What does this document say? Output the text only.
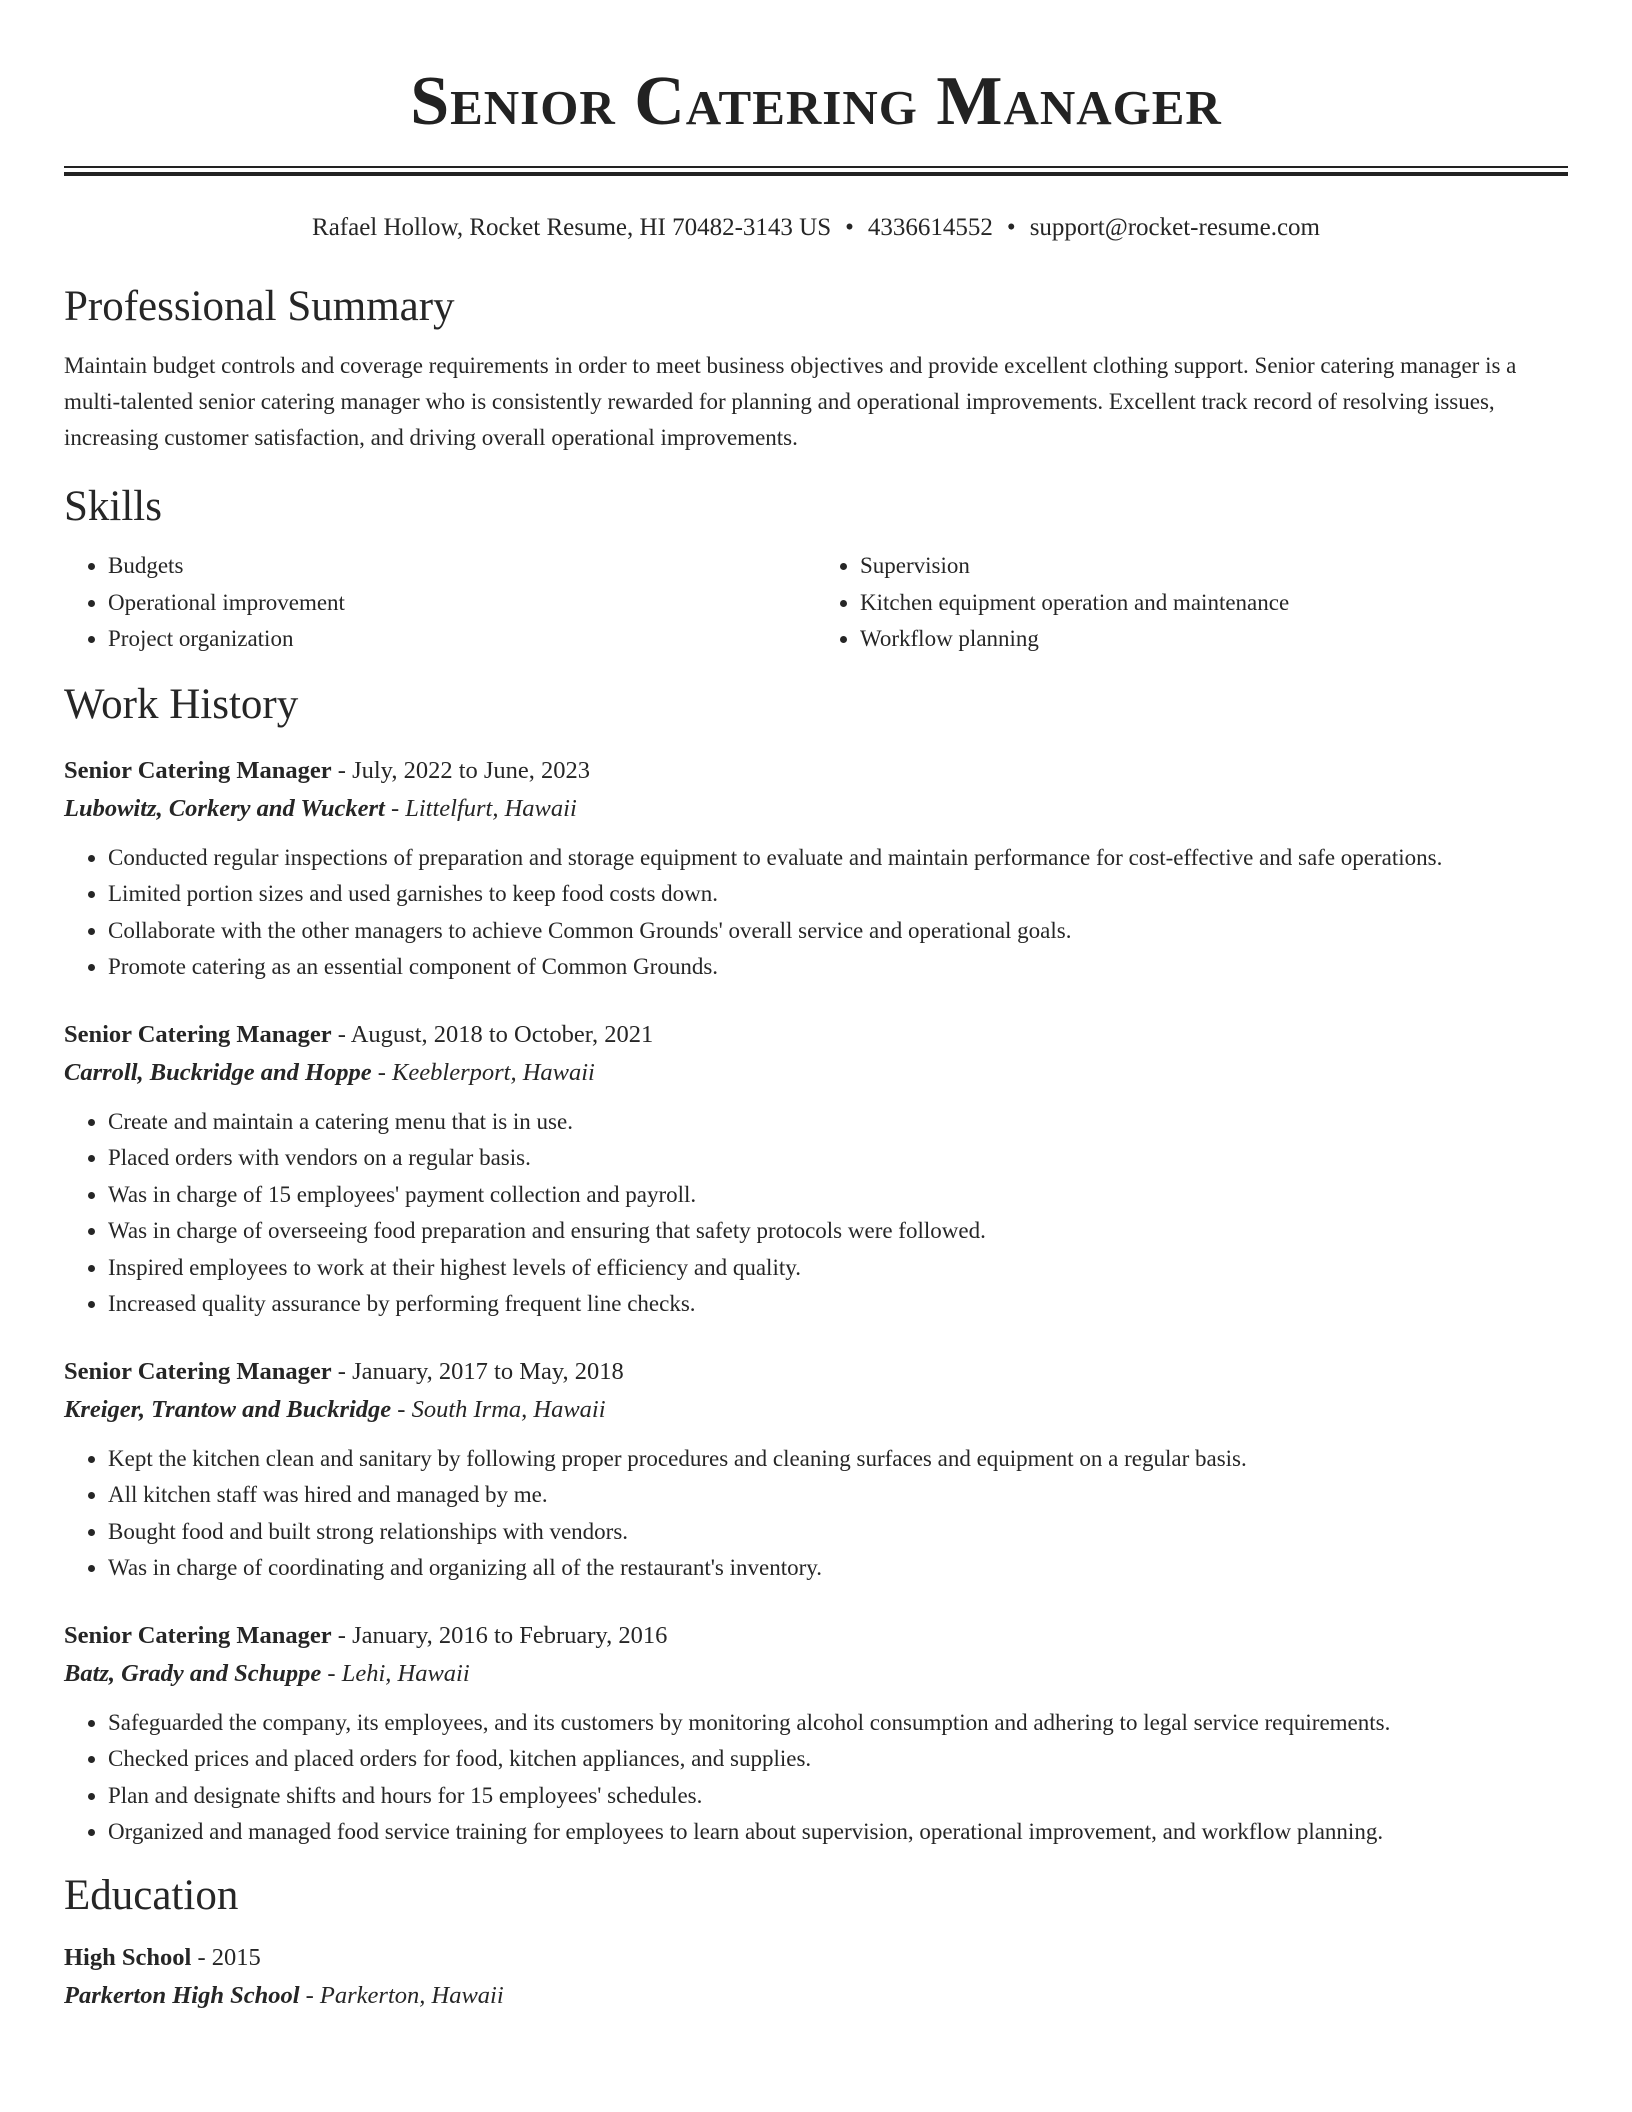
Senior Catering Manager
Rafael Hollow, Rocket Resume, HI 70482-3143 US • 4336614552 • support@rocket-resume.com
Professional Summary

Maintain budget controls and coverage requirements in order to meet business objectives and provide excellent clothing support. Senior catering manager is a multi-talented senior catering manager who is consistently rewarded for planning and operational improvements. Excellent track record of resolving issues, increasing customer satisfaction, and driving overall operational improvements.

Skills
• Budgets
• Operational improvement
• Project organization
• Supervision
• Kitchen equipment operation and maintenance
• Workflow planning
Work History
Senior Catering Manager - July, 2022 to June, 2023
Lubowitz, Corkery and Wuckert - Littelfurt, Hawaii
• Conducted regular inspections of preparation and storage equipment to evaluate and maintain performance for cost-effective and safe operations.
• Limited portion sizes and used garnishes to keep food costs down.
• Collaborate with the other managers to achieve Common Grounds' overall service and operational goals.
• Promote catering as an essential component of Common Grounds.
Senior Catering Manager - August, 2018 to October, 2021
Carroll, Buckridge and Hoppe - Keeblerport, Hawaii
• Create and maintain a catering menu that is in use.
• Placed orders with vendors on a regular basis.
• Was in charge of 15 employees' payment collection and payroll.
• Was in charge of overseeing food preparation and ensuring that safety protocols were followed.
• Inspired employees to work at their highest levels of efficiency and quality.
• Increased quality assurance by performing frequent line checks.
Senior Catering Manager - January, 2017 to May, 2018
Kreiger, Trantow and Buckridge - South Irma, Hawaii
• Kept the kitchen clean and sanitary by following proper procedures and cleaning surfaces and equipment on a regular basis.
• All kitchen staff was hired and managed by me.
• Bought food and built strong relationships with vendors.
• Was in charge of coordinating and organizing all of the restaurant's inventory.
Senior Catering Manager - January, 2016 to February, 2016
Batz, Grady and Schuppe - Lehi, Hawaii
• Safeguarded the company, its employees, and its customers by monitoring alcohol consumption and adhering to legal service requirements.
• Checked prices and placed orders for food, kitchen appliances, and supplies.
• Plan and designate shifts and hours for 15 employees' schedules.
• Organized and managed food service training for employees to learn about supervision, operational improvement, and workflow planning.
Education
High School - 2015
Parkerton High School - Parkerton, Hawaii
